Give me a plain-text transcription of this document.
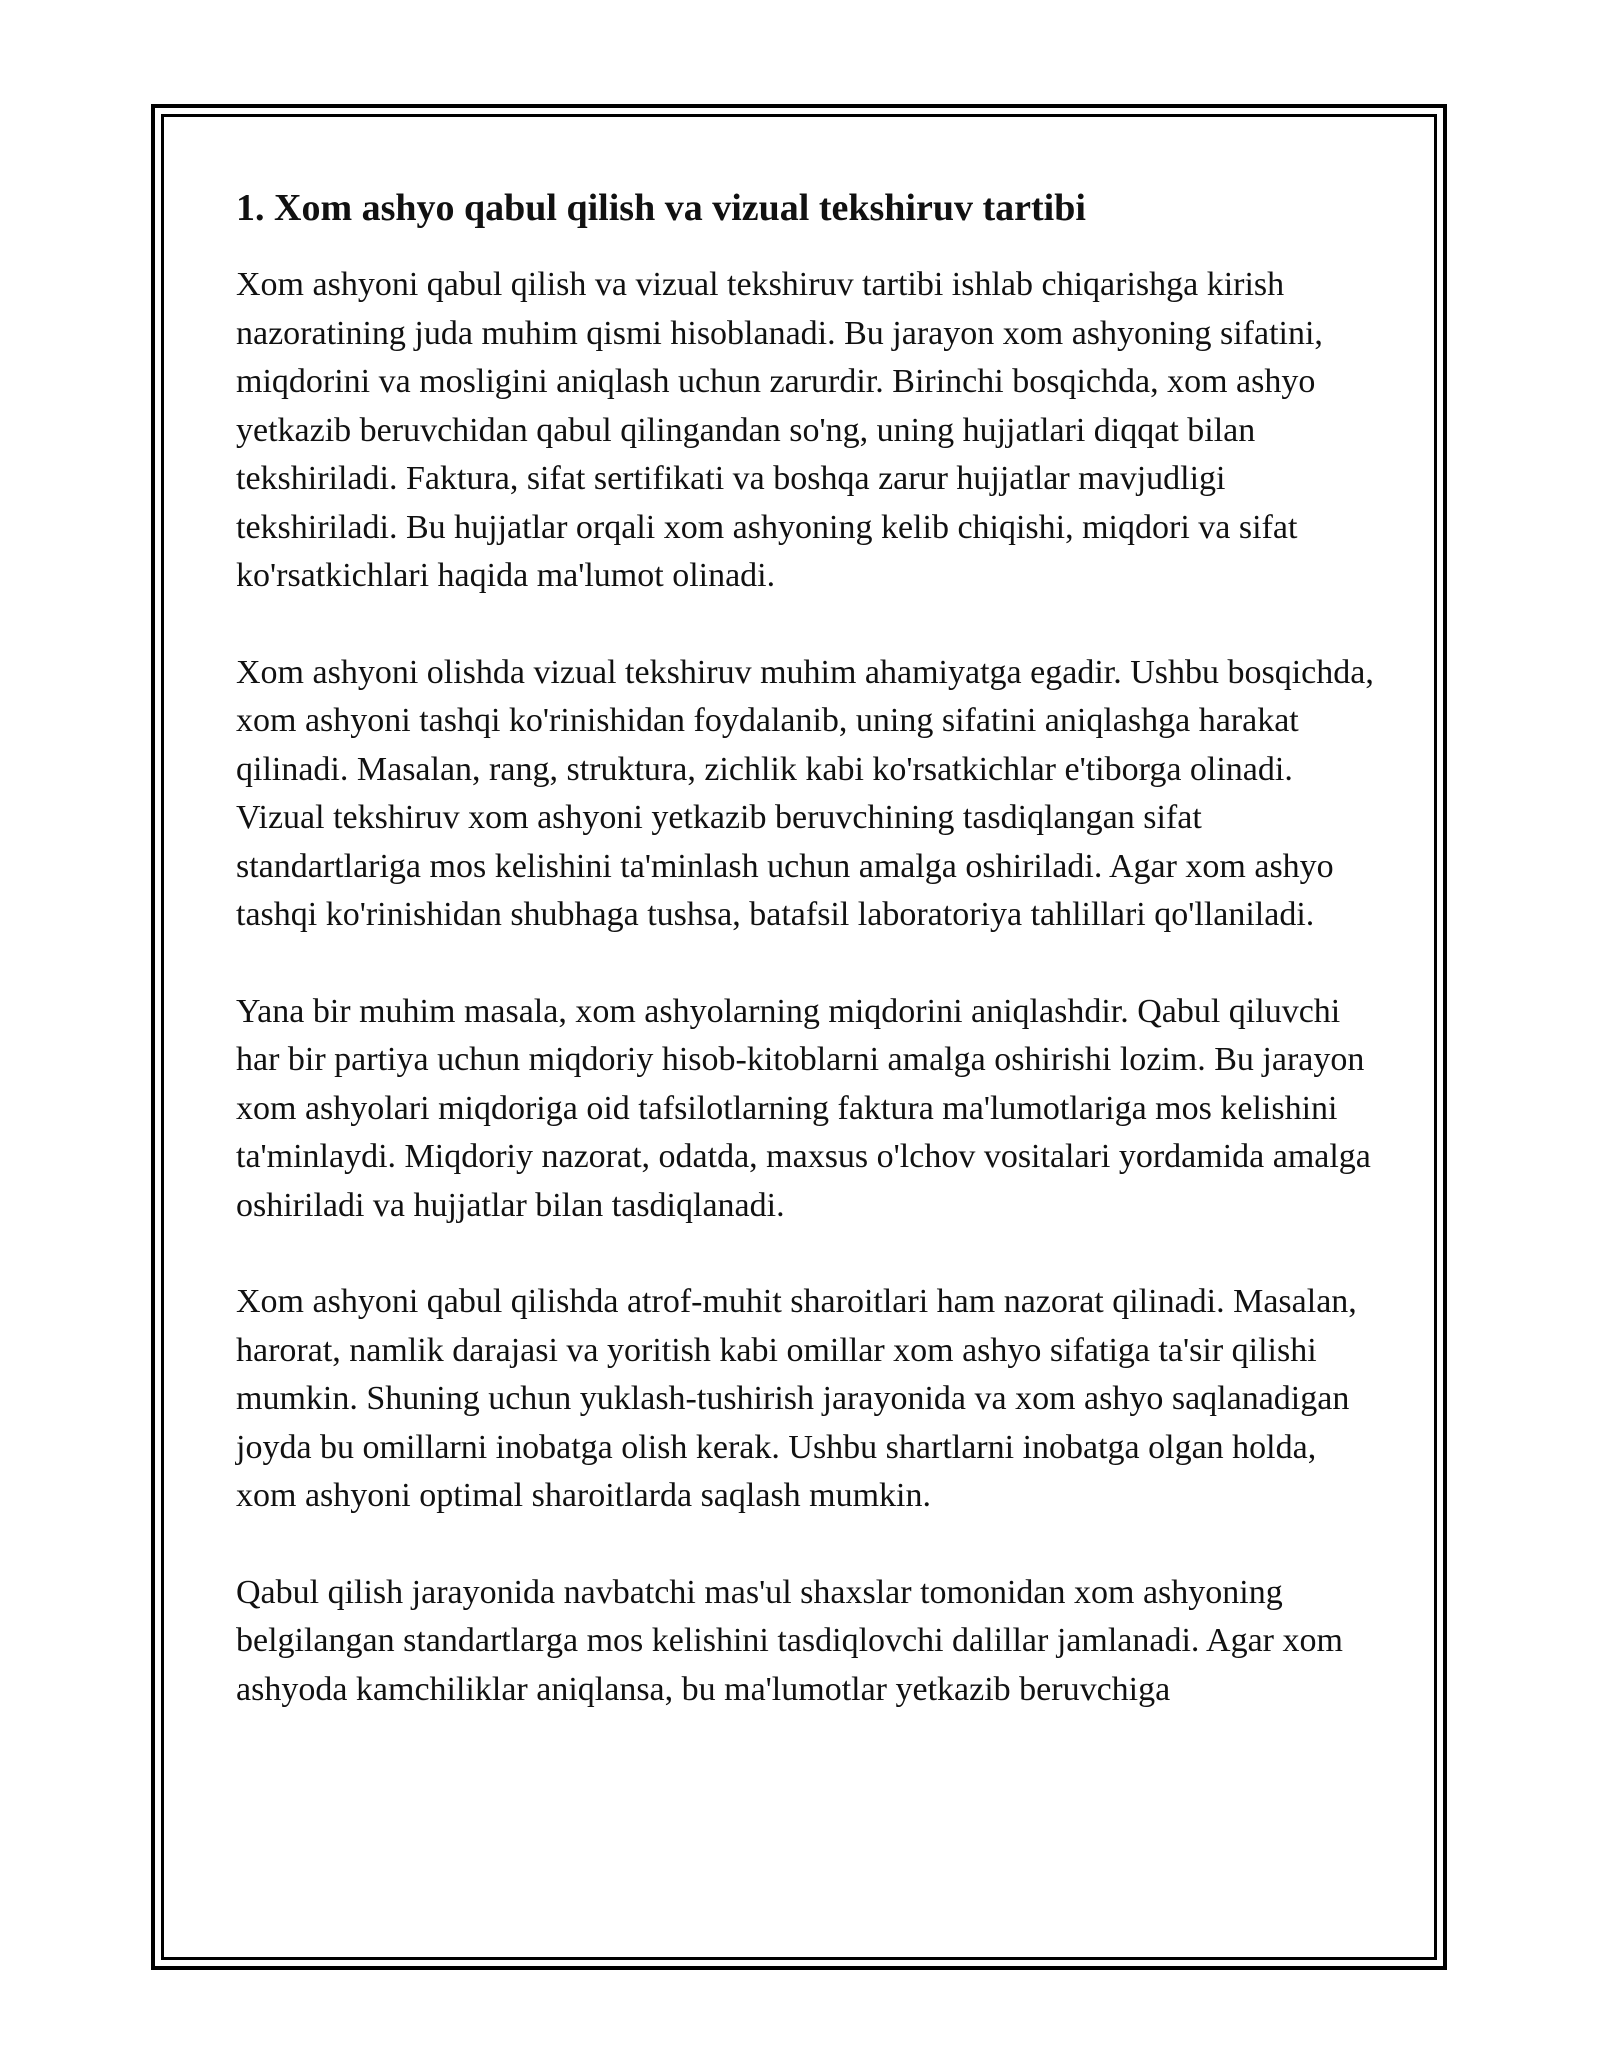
1. Xom ashyo qabul qilish va vizual tekshiruv tartibi

Xom ashyoni qabul qilish va vizual tekshiruv tartibi ishlab chiqarishga kirish nazoratining juda muhim qismi hisoblanadi. Bu jarayon xom ashyoning sifatini, miqdorini va mosligini aniqlash uchun zarurdir. Birinchi bosqichda, xom ashyo yetkazib beruvchidan qabul qilingandan so'ng, uning hujjatlari diqqat bilan tekshiriladi. Faktura, sifat sertifikati va boshqa zarur hujjatlar mavjudligi tekshiriladi. Bu hujjatlar orqali xom ashyoning kelib chiqishi, miqdori va sifat ko'rsatkichlari haqida ma'lumot olinadi.

Xom ashyoni olishda vizual tekshiruv muhim ahamiyatga egadir. Ushbu bosqichda, xom ashyoni tashqi ko'rinishidan foydalanib, uning sifatini aniqlashga harakat qilinadi. Masalan, rang, struktura, zichlik kabi ko'rsatkichlar e'tiborga olinadi. Vizual tekshiruv xom ashyoni yetkazib beruvchining tasdiqlangan sifat standartlariga mos kelishini ta'minlash uchun amalga oshiriladi. Agar xom ashyo tashqi ko'rinishidan shubhaga tushsa, batafsil laboratoriya tahlillari qo'llaniladi.

Yana bir muhim masala, xom ashyolarning miqdorini aniqlashdir. Qabul qiluvchi har bir partiya uchun miqdoriy hisob-kitoblarni amalga oshirishi lozim. Bu jarayon xom ashyolari miqdoriga oid tafsilotlarning faktura ma'lumotlariga mos kelishini ta'minlaydi. Miqdoriy nazorat, odatda, maxsus o'lchov vositalari yordamida amalga oshiriladi va hujjatlar bilan tasdiqlanadi.

Xom ashyoni qabul qilishda atrof-muhit sharoitlari ham nazorat qilinadi. Masalan, harorat, namlik darajasi va yoritish kabi omillar xom ashyo sifatiga ta'sir qilishi mumkin. Shuning uchun yuklash-tushirish jarayonida va xom ashyo saqlanadigan joyda bu omillarni inobatga olish kerak. Ushbu shartlarni inobatga olgan holda, xom ashyoni optimal sharoitlarda saqlash mumkin.

Qabul qilish jarayonida navbatchi mas'ul shaxslar tomonidan xom ashyoning belgilangan standartlarga mos kelishini tasdiqlovchi dalillar jamlanadi. Agar xom ashyoda kamchiliklar aniqlansa, bu ma'lumotlar yetkazib beruvchiga
